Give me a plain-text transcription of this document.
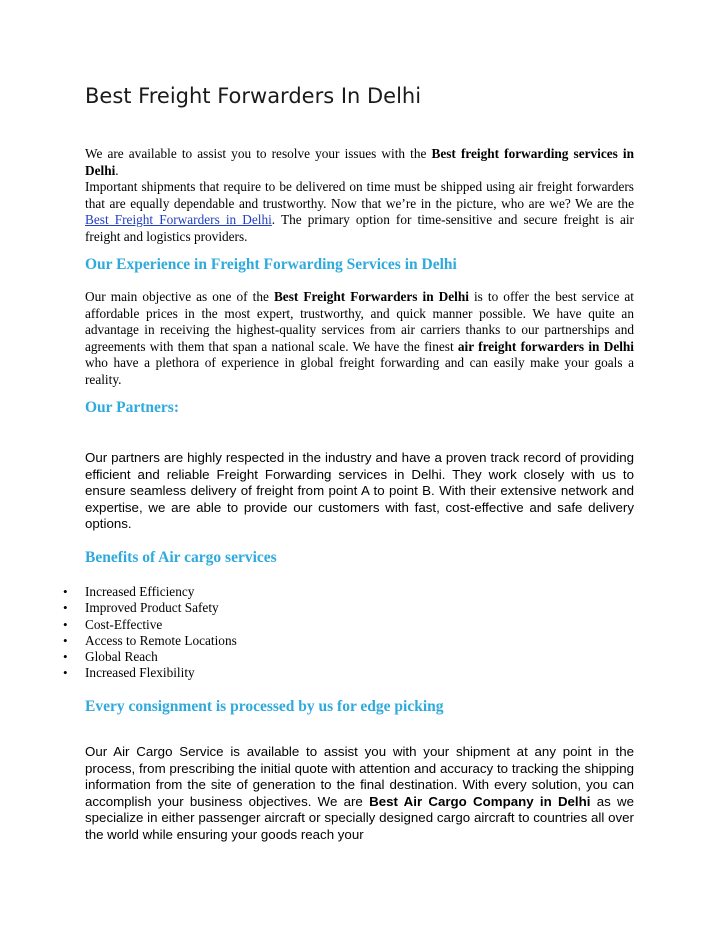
Best Freight Forwarders In Delhi

We are available to assist you to resolve your issues with the Best freight forwarding services in Delhi.

Important shipments that require to be delivered on time must be shipped using air freight forwarders that are equally dependable and trustworthy. Now that we’re in the picture, who are we? We are the Best Freight Forwarders in Delhi. The primary option for time-sensitive and secure freight is air freight and logistics providers.

Our Experience in Freight Forwarding Services in Delhi

Our main objective as one of the Best Freight Forwarders in Delhi is to offer the best service at affordable prices in the most expert, trustworthy, and quick manner possible. We have quite an advantage in receiving the highest-quality services from air carriers thanks to our partnerships and agreements with them that span a national scale. We have the finest air freight forwarders in Delhi who have a plethora of experience in global freight forwarding and can easily make your goals a reality.

Our Partners:

Our partners are highly respected in the industry and have a proven track record of providing efficient and reliable Freight Forwarding services in Delhi. They work closely with us to ensure seamless delivery of freight from point A to point B. With their extensive network and expertise, we are able to provide our customers with fast, cost-effective and safe delivery options.

Benefits of Air cargo services
• Increased Efficiency
• Improved Product Safety
• Cost-Effective
• Access to Remote Locations
• Global Reach
• Increased Flexibility
Every consignment is processed by us for edge picking

Our Air Cargo Service is available to assist you with your shipment at any point in the process, from prescribing the initial quote with attention and accuracy to tracking the shipping information from the site of generation to the final destination. With every solution, you can accomplish your business objectives. We are Best Air Cargo Company in Delhi as we specialize in either passenger aircraft or specially designed cargo aircraft to countries all over the world while ensuring your goods reach your
